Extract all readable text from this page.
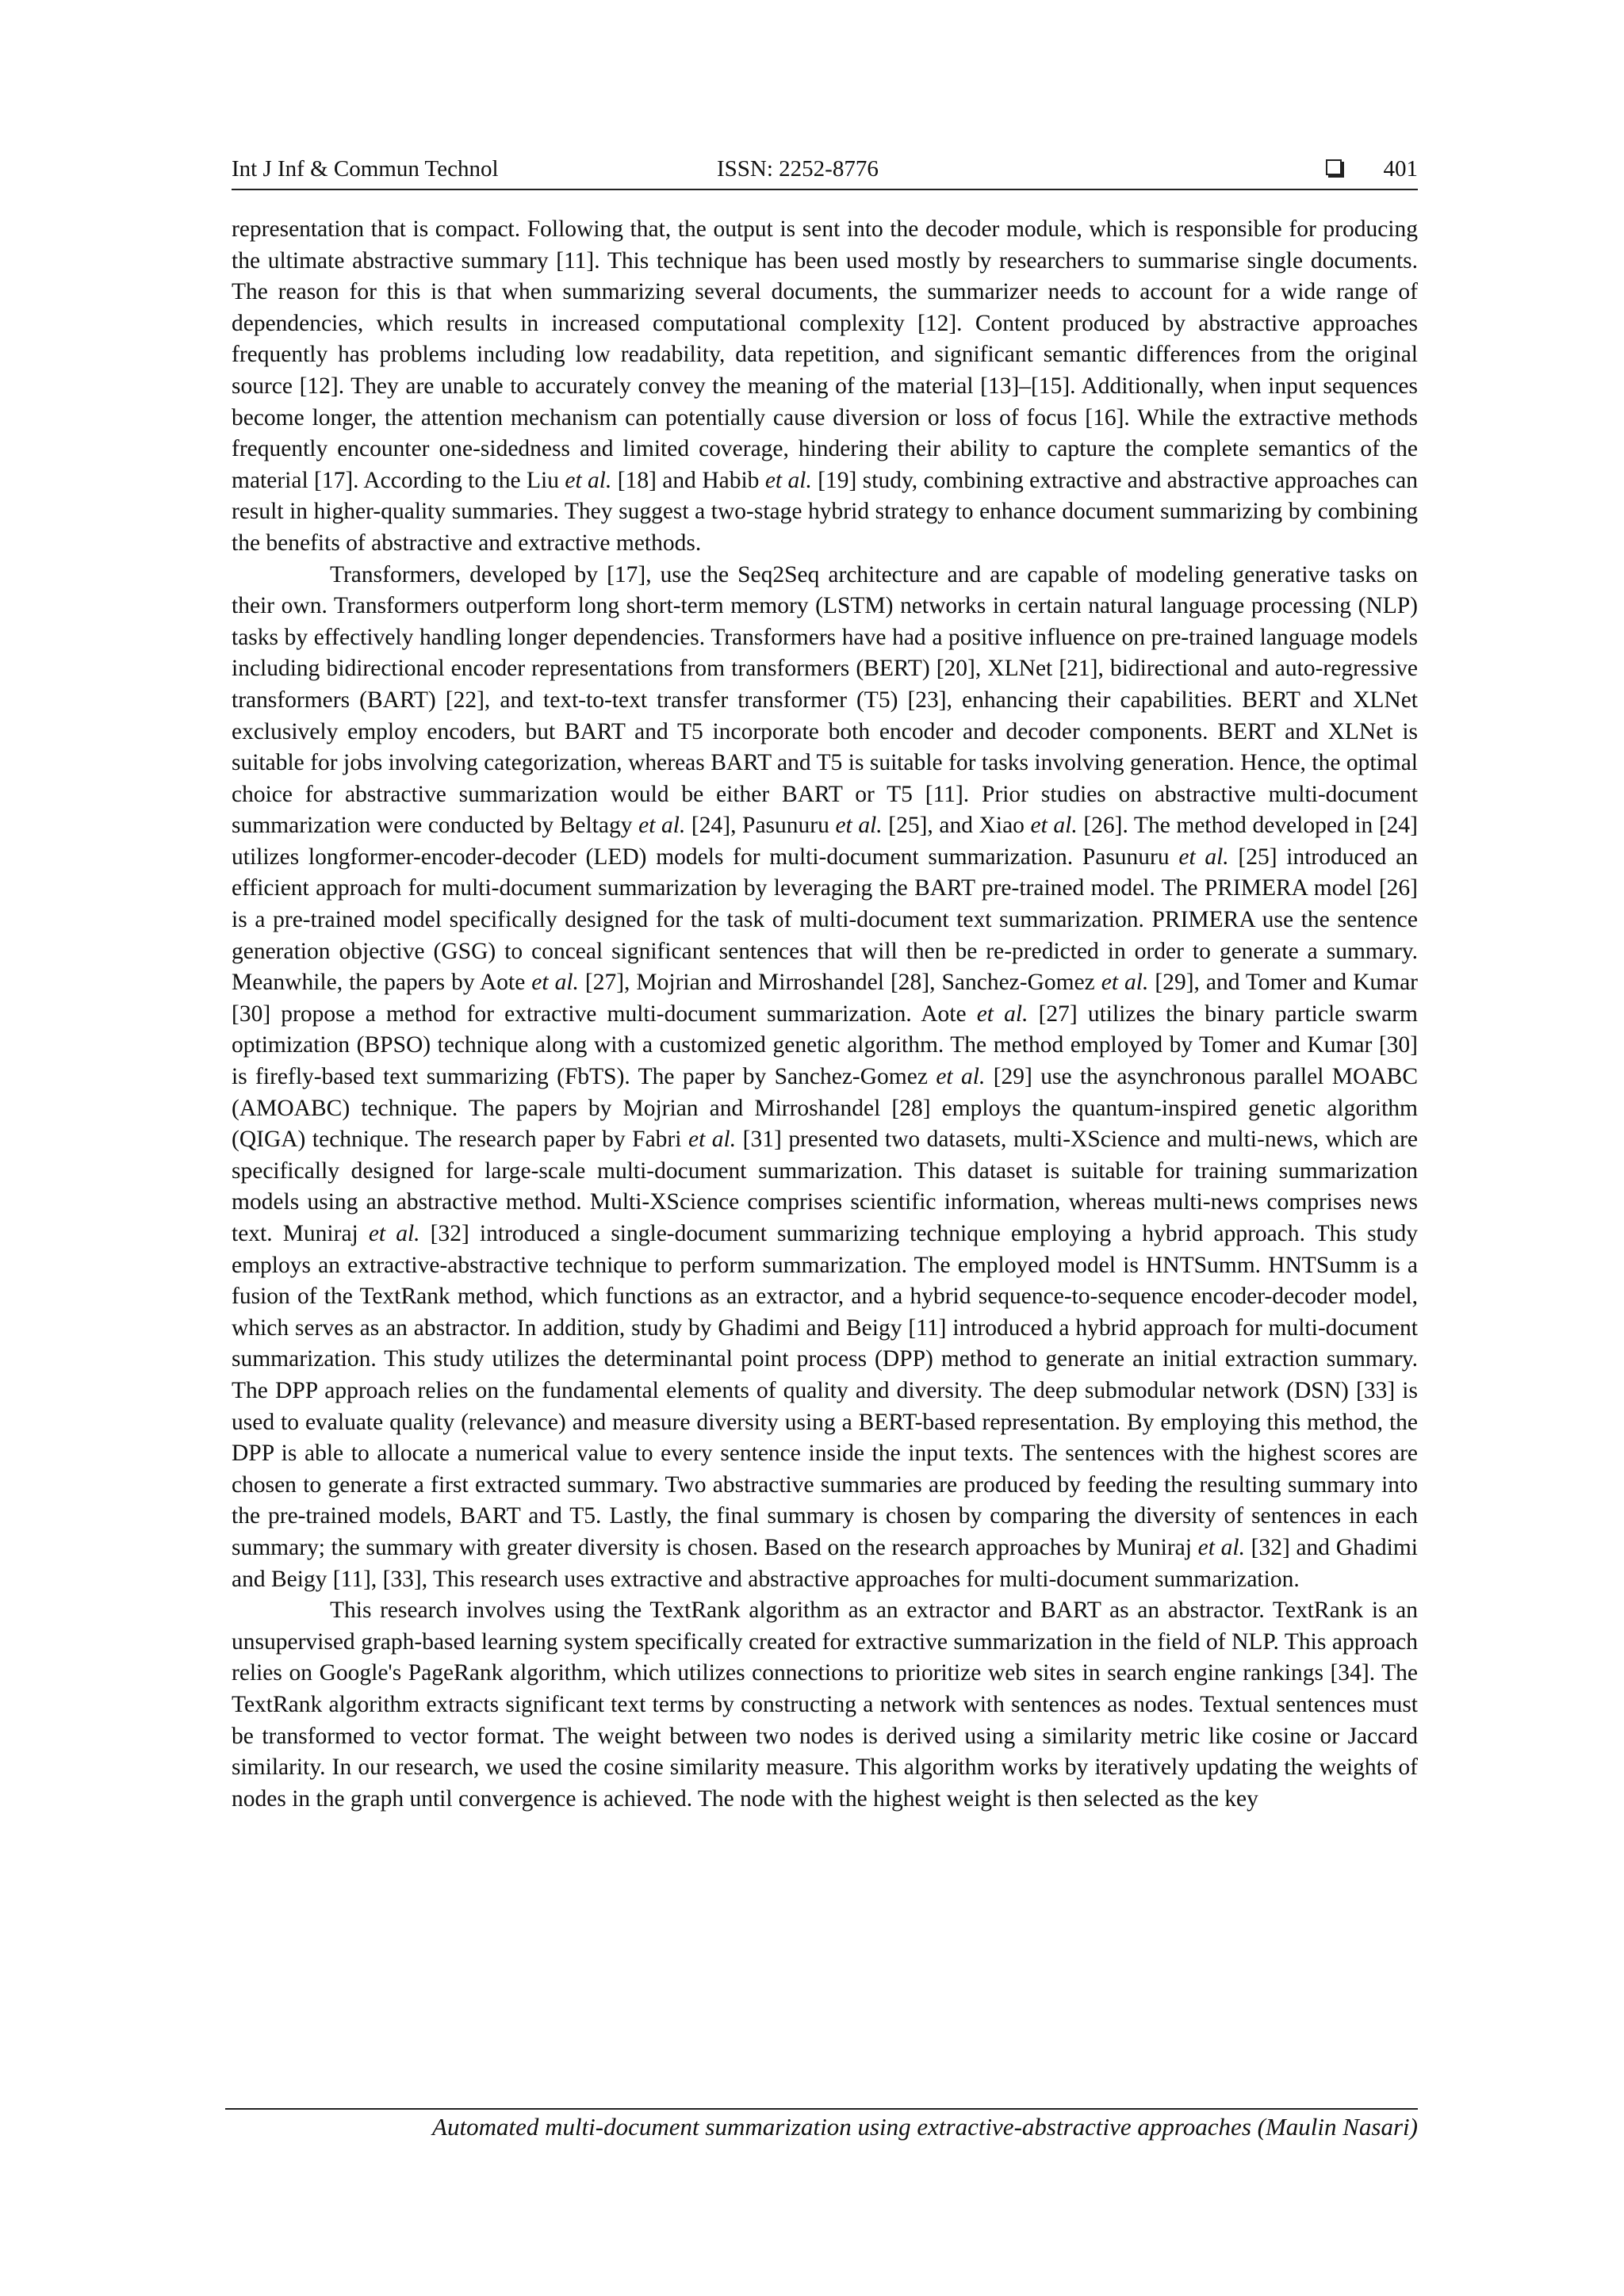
Int J Inf & Commun Technol	ISSN: 2252-8776	401

representation that is compact. Following that, the output is sent into the decoder module, which is responsible for producing the ultimate abstractive summary [11]. This technique has been used mostly by researchers to summarise single documents. The reason for this is that when summarizing several documents, the summarizer needs to account for a wide range of dependencies, which results in increased computational complexity [12]. Content produced by abstractive approaches frequently has problems including low readability, data repetition, and significant semantic differences from the original source [12]. They are unable to accurately convey the meaning of the material [13]–[15]. Additionally, when input sequences become longer, the attention mechanism can potentially cause diversion or loss of focus [16]. While the extractive methods frequently encounter one-sidedness and limited coverage, hindering their ability to capture the complete semantics of the material [17]. According to the Liu et al. [18] and Habib et al. [19] study, combining extractive and abstractive approaches can result in higher-quality summaries. They suggest a two-stage hybrid strategy to enhance document summarizing by combining the benefits of abstractive and extractive methods.

Transformers, developed by [17], use the Seq2Seq architecture and are capable of modeling generative tasks on their own. Transformers outperform long short-term memory (LSTM) networks in certain natural language processing (NLP) tasks by effectively handling longer dependencies. Transformers have had a positive influence on pre-trained language models including bidirectional encoder representations from transformers (BERT) [20], XLNet [21], bidirectional and auto-regressive transformers (BART) [22], and text-to-text transfer transformer (T5) [23], enhancing their capabilities. BERT and XLNet exclusively employ encoders, but BART and T5 incorporate both encoder and decoder components. BERT and XLNet is suitable for jobs involving categorization, whereas BART and T5 is suitable for tasks involving generation. Hence, the optimal choice for abstractive summarization would be either BART or T5 [11]. Prior studies on abstractive multi-document summarization were conducted by Beltagy et al. [24], Pasunuru et al. [25], and Xiao et al. [26]. The method developed in [24] utilizes longformer-encoder-decoder (LED) models for multi-document summarization. Pasunuru et al. [25] introduced an efficient approach for multi-document summarization by leveraging the BART pre-trained model. The PRIMERA model [26] is a pre-trained model specifically designed for the task of multi-document text summarization. PRIMERA use the sentence generation objective (GSG) to conceal significant sentences that will then be re-predicted in order to generate a summary. Meanwhile, the papers by Aote et al. [27], Mojrian and Mirroshandel [28], Sanchez-Gomez et al. [29], and Tomer and Kumar [30] propose a method for extractive multi-document summarization. Aote et al. [27] utilizes the binary particle swarm optimization (BPSO) technique along with a customized genetic algorithm. The method employed by Tomer and Kumar [30] is firefly-based text summarizing (FbTS). The paper by Sanchez-Gomez et al. [29] use the asynchronous parallel MOABC (AMOABC) technique. The papers by Mojrian and Mirroshandel [28] employs the quantum-inspired genetic algorithm (QIGA) technique. The research paper by Fabri et al. [31] presented two datasets, multi-XScience and multi-news, which are specifically designed for large-scale multi-document summarization. This dataset is suitable for training summarization models using an abstractive method. Multi-XScience comprises scientific information, whereas multi-news comprises news text. Muniraj et al. [32] introduced a single-document summarizing technique employing a hybrid approach. This study employs an extractive-abstractive technique to perform summarization. The employed model is HNTSumm. HNTSumm is a fusion of the TextRank method, which functions as an extractor, and a hybrid sequence-to-sequence encoder-decoder model, which serves as an abstractor. In addition, study by Ghadimi and Beigy [11] introduced a hybrid approach for multi-document summarization. This study utilizes the determinantal point process (DPP) method to generate an initial extraction summary. The DPP approach relies on the fundamental elements of quality and diversity. The deep submodular network (DSN) [33] is used to evaluate quality (relevance) and measure diversity using a BERT-based representation. By employing this method, the DPP is able to allocate a numerical value to every sentence inside the input texts. The sentences with the highest scores are chosen to generate a first extracted summary. Two abstractive summaries are produced by feeding the resulting summary into the pre-trained models, BART and T5. Lastly, the final summary is chosen by comparing the diversity of sentences in each summary; the summary with greater diversity is chosen. Based on the research approaches by Muniraj et al. [32] and Ghadimi and Beigy [11], [33], This research uses extractive and abstractive approaches for multi-document summarization.

This research involves using the TextRank algorithm as an extractor and BART as an abstractor. TextRank is an unsupervised graph-based learning system specifically created for extractive summarization in the field of NLP. This approach relies on Google's PageRank algorithm, which utilizes connections to prioritize web sites in search engine rankings [34]. The TextRank algorithm extracts significant text terms by constructing a network with sentences as nodes. Textual sentences must be transformed to vector format. The weight between two nodes is derived using a similarity metric like cosine or Jaccard similarity. In our research, we used the cosine similarity measure. This algorithm works by iteratively updating the weights of nodes in the graph until convergence is achieved. The node with the highest weight is then selected as the key

Automated multi-document summarization using extractive-abstractive approaches (Maulin Nasari)
